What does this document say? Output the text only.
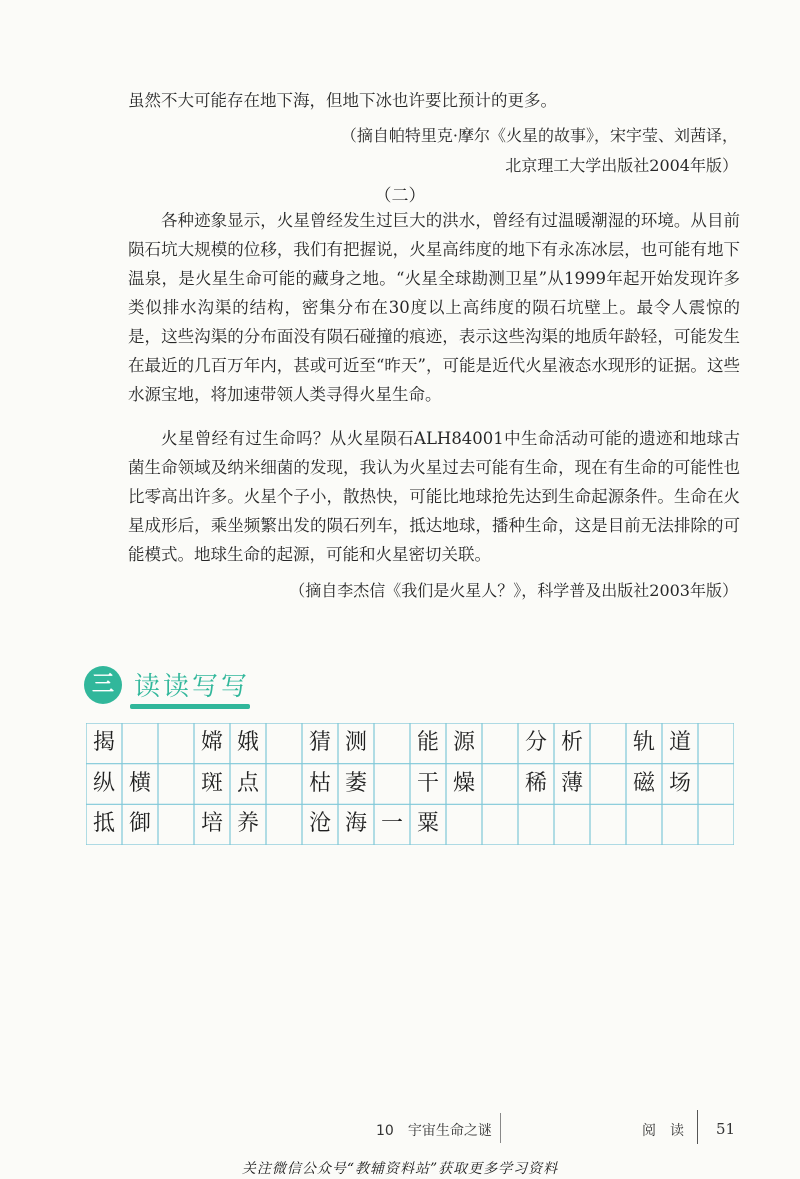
虽然不大可能存在地下海，但地下冰也许要比预计的更多。

（摘自帕特里克·摩尔《火星的故事》，宋宇莹、刘茜译，

北京理工大学出版社2004年版）

（二）

各种迹象显示，火星曾经发生过巨大的洪水，曾经有过温暖潮湿的环境。从目前陨石坑大规模的位移，我们有把握说，火星高纬度的地下有永冻冰层，也可能有地下温泉，是火星生命可能的藏身之地。“火星全球勘测卫星”从1999年起开始发现许多类似排水沟渠的结构，密集分布在30度以上高纬度的陨石坑壁上。最令人震惊的是，这些沟渠的分布面没有陨石碰撞的痕迹，表示这些沟渠的地质年龄轻，可能发生在最近的几百万年内，甚或可近至“昨天”，可能是近代火星液态水现形的证据。这些水源宝地，将加速带领人类寻得火星生命。

火星曾经有过生命吗？从火星陨石ALH84001中生命活动可能的遗迹和地球古菌生命领域及纳米细菌的发现，我认为火星过去可能有生命，现在有生命的可能性也比零高出许多。火星个子小，散热快，可能比地球抢先达到生命起源条件。生命在火星成形后，乘坐频繁出发的陨石列车，抵达地球，播种生命，这是目前无法排除的可能模式。地球生命的起源，可能和火星密切关联。

（摘自李杰信《我们是火星人？》，科学普及出版社2003年版）

三 读读写写
揭	嫦 娥	猜 测	能 源	分 析	轨 道
纵 横	斑 点	枯 萎	干 燥	稀 薄	磁 场
抵 御	培 养	沧 海 一 粟
10　宇宙生命之谜	阅　读 51
关注微信公众号“教辅资料站”获取更多学习资料
